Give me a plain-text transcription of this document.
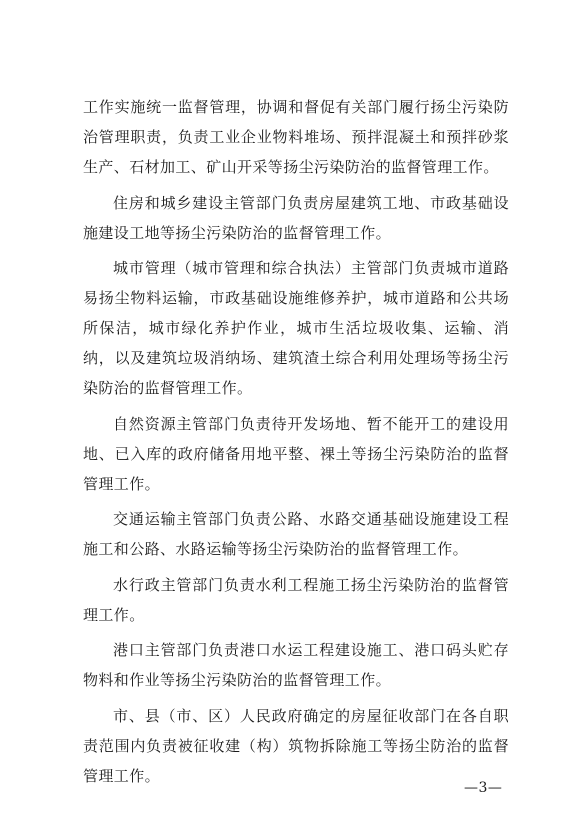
工作实施统一监督管理，协调和督促有关部门履行扬尘污染防治管理职责，负责工业企业物料堆场、预拌混凝土和预拌砂浆生产、石材加工、矿山开采等扬尘污染防治的监督管理工作。

住房和城乡建设主管部门负责房屋建筑工地、市政基础设施建设工地等扬尘污染防治的监督管理工作。

城市管理（城市管理和综合执法）主管部门负责城市道路易扬尘物料运输，市政基础设施维修养护，城市道路和公共场所保洁，城市绿化养护作业，城市生活垃圾收集、运输、消纳，以及建筑垃圾消纳场、建筑渣土综合利用处理场等扬尘污染防治的监督管理工作。

自然资源主管部门负责待开发场地、暂不能开工的建设用地、已入库的政府储备用地平整、裸土等扬尘污染防治的监督管理工作。

交通运输主管部门负责公路、水路交通基础设施建设工程施工和公路、水路运输等扬尘污染防治的监督管理工作。

水行政主管部门负责水利工程施工扬尘污染防治的监督管理工作。

港口主管部门负责港口水运工程建设施工、港口码头贮存物料和作业等扬尘污染防治的监督管理工作。

市、县（市、区）人民政府确定的房屋征收部门在各自职责范围内负责被征收建（构）筑物拆除施工等扬尘防治的监督管理工作。

—3—
